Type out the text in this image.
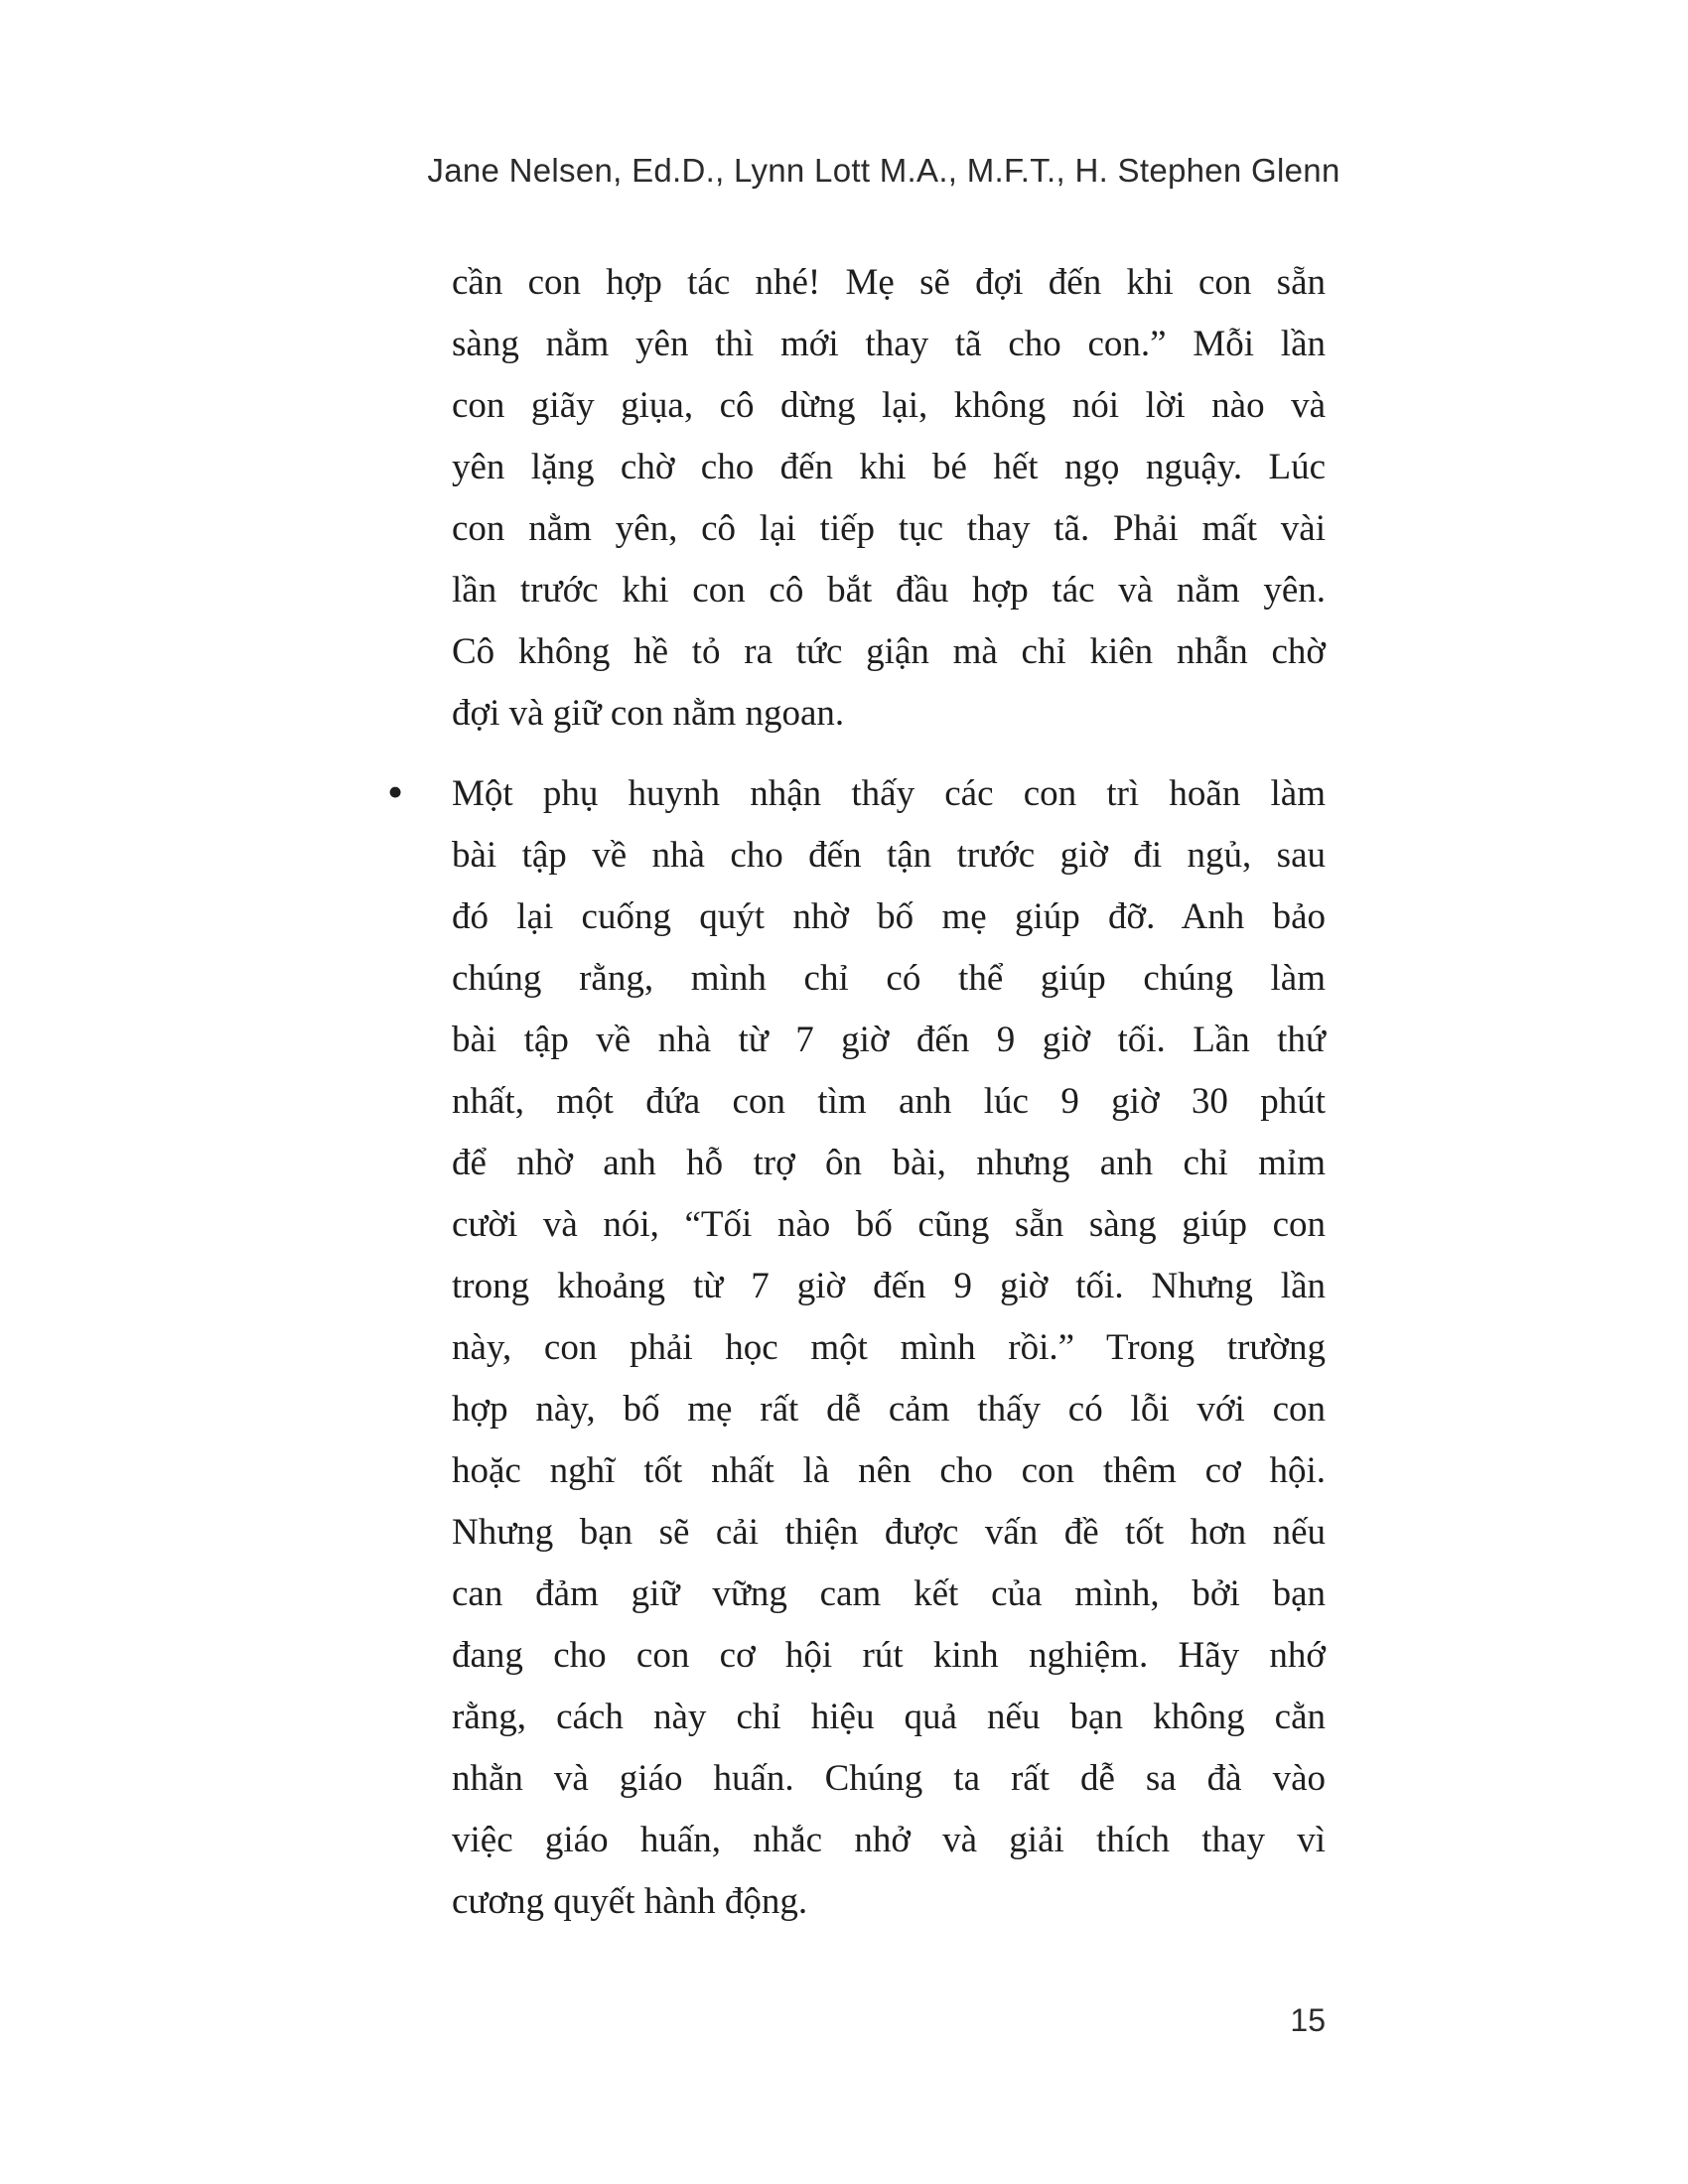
Jane Nelsen, Ed.D., Lynn Lott M.A., M.F.T., H. Stephen Glenn
cần con hợp tác nhé! Mẹ sẽ đợi đến khi con sẵn
sàng nằm yên thì mới thay tã cho con.” Mỗi lần
con giãy giụa, cô dừng lại, không nói lời nào và
yên lặng chờ cho đến khi bé hết ngọ nguậy. Lúc
con nằm yên, cô lại tiếp tục thay tã. Phải mất vài
lần trước khi con cô bắt đầu hợp tác và nằm yên.
Cô không hề tỏ ra tức giận mà chỉ kiên nhẫn chờ
đợi và giữ con nằm ngoan.
• Một phụ huynh nhận thấy các con trì hoãn làm
bài tập về nhà cho đến tận trước giờ đi ngủ, sau
đó lại cuống quýt nhờ bố mẹ giúp đỡ. Anh bảo
chúng rằng, mình chỉ có thể giúp chúng làm
bài tập về nhà từ 7 giờ đến 9 giờ tối. Lần thứ
nhất, một đứa con tìm anh lúc 9 giờ 30 phút
để nhờ anh hỗ trợ ôn bài, nhưng anh chỉ mỉm
cười và nói, “Tối nào bố cũng sẵn sàng giúp con
trong khoảng từ 7 giờ đến 9 giờ tối. Nhưng lần
này, con phải học một mình rồi.” Trong trường
hợp này, bố mẹ rất dễ cảm thấy có lỗi với con
hoặc nghĩ tốt nhất là nên cho con thêm cơ hội.
Nhưng bạn sẽ cải thiện được vấn đề tốt hơn nếu
can đảm giữ vững cam kết của mình, bởi bạn
đang cho con cơ hội rút kinh nghiệm. Hãy nhớ
rằng, cách này chỉ hiệu quả nếu bạn không cằn
nhằn và giáo huấn. Chúng ta rất dễ sa đà vào
việc giáo huấn, nhắc nhở và giải thích thay vì
cương quyết hành động.
15
